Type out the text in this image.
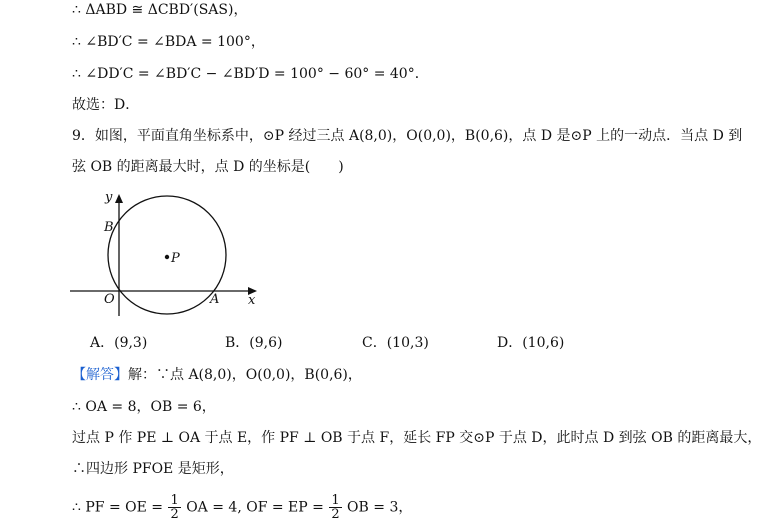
∴ ΔABD ≅ ΔCBD′(SAS)，
∴ ∠BD′C = ∠BDA = 100°，
∴ ∠DD′C = ∠BD′C − ∠BD′D = 100° − 60° = 40°．
故选：D．
9．如图，平面直角坐标系中，⊙P 经过三点 A(8,0)，O(0,0)，B(0,6)，点 D 是⊙P 上的一动点．当点 D 到
弦 OB 的距离最大时，点 D 的坐标是(　　)
y
x
B
O	A
P
A．(9,3)	B．(9,6)	C．(10,3)	D．(10,6)
【解答】解：∵点 A(8,0)，O(0,0)，B(0,6)，
∴ OA = 8，OB = 6，
过点 P 作 PE ⊥ OA 于点 E，作 PF ⊥ OB 于点 F，延长 FP 交⊙P 于点 D，此时点 D 到弦 OB 的距离最大，
∴四边形 PFOE 是矩形，
∴ PF = OE = $\frac{1}{2}$ OA = 4, OF = EP = $\frac{1}{2}$ OB = 3，
